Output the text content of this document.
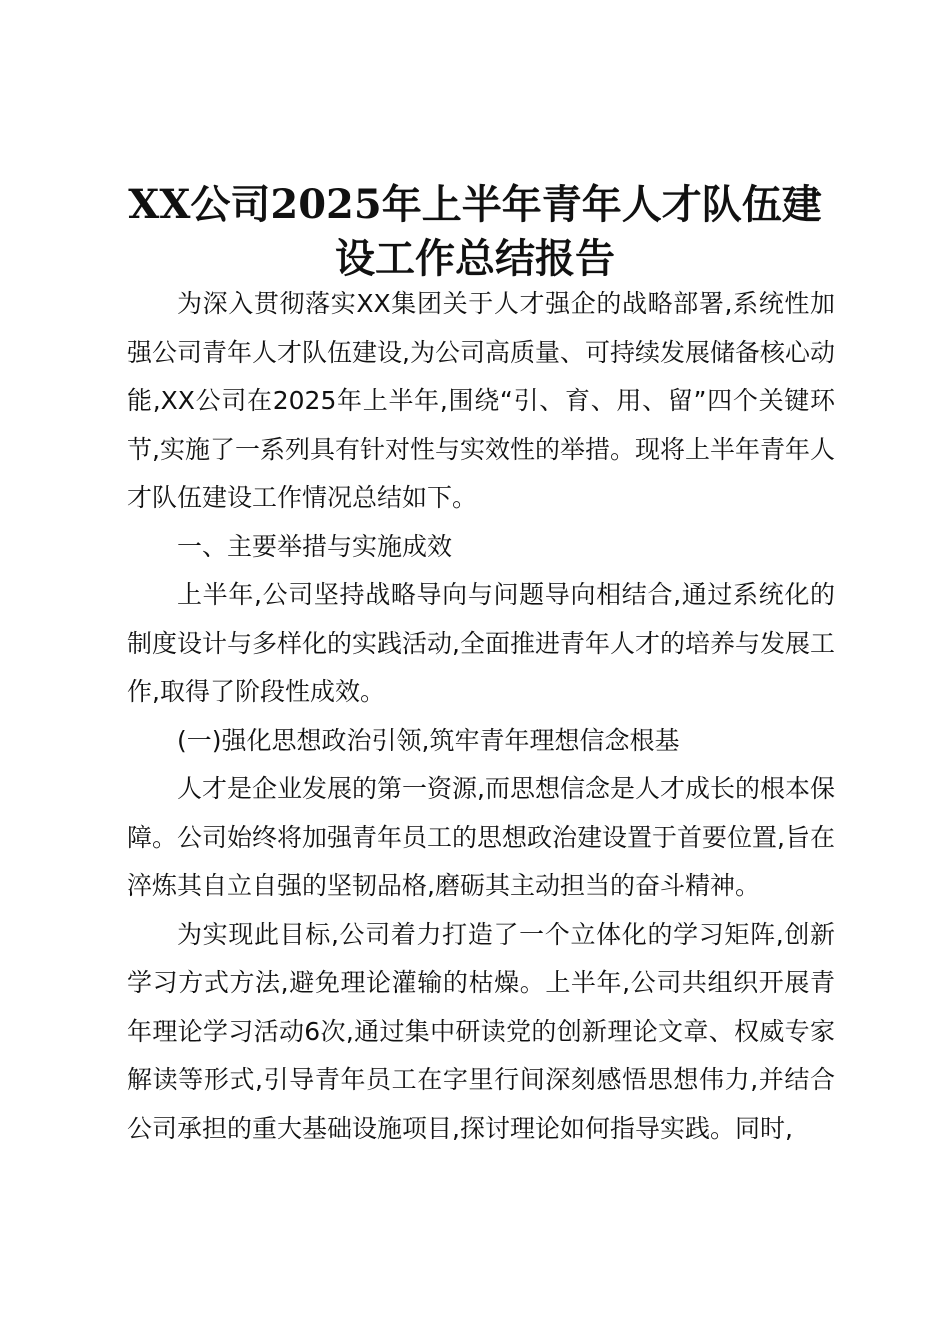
XX公司2025年上半年青年人才队伍建设工作总结报告

为深入贯彻落实XX集团关于人才强企的战略部署,系统性加强公司青年人才队伍建设,为公司高质量、可持续发展储备核心动能,XX公司在2025年上半年,围绕“引、育、用、留”四个关键环节,实施了一系列具有针对性与实效性的举措。现将上半年青年人才队伍建设工作情况总结如下。

一、主要举措与实施成效

上半年,公司坚持战略导向与问题导向相结合,通过系统化的制度设计与多样化的实践活动,全面推进青年人才的培养与发展工作,取得了阶段性成效。

(一)强化思想政治引领,筑牢青年理想信念根基

人才是企业发展的第一资源,而思想信念是人才成长的根本保障。公司始终将加强青年员工的思想政治建设置于首要位置,旨在淬炼其自立自强的坚韧品格,磨砺其主动担当的奋斗精神。

为实现此目标,公司着力打造了一个立体化的学习矩阵,创新学习方式方法,避免理论灌输的枯燥。上半年,公司共组织开展青年理论学习活动6次,通过集中研读党的创新理论文章、权威专家解读等形式,引导青年员工在字里行间深刻感悟思想伟力,并结合公司承担的重大基础设施项目,探讨理论如何指导实践。同时,
